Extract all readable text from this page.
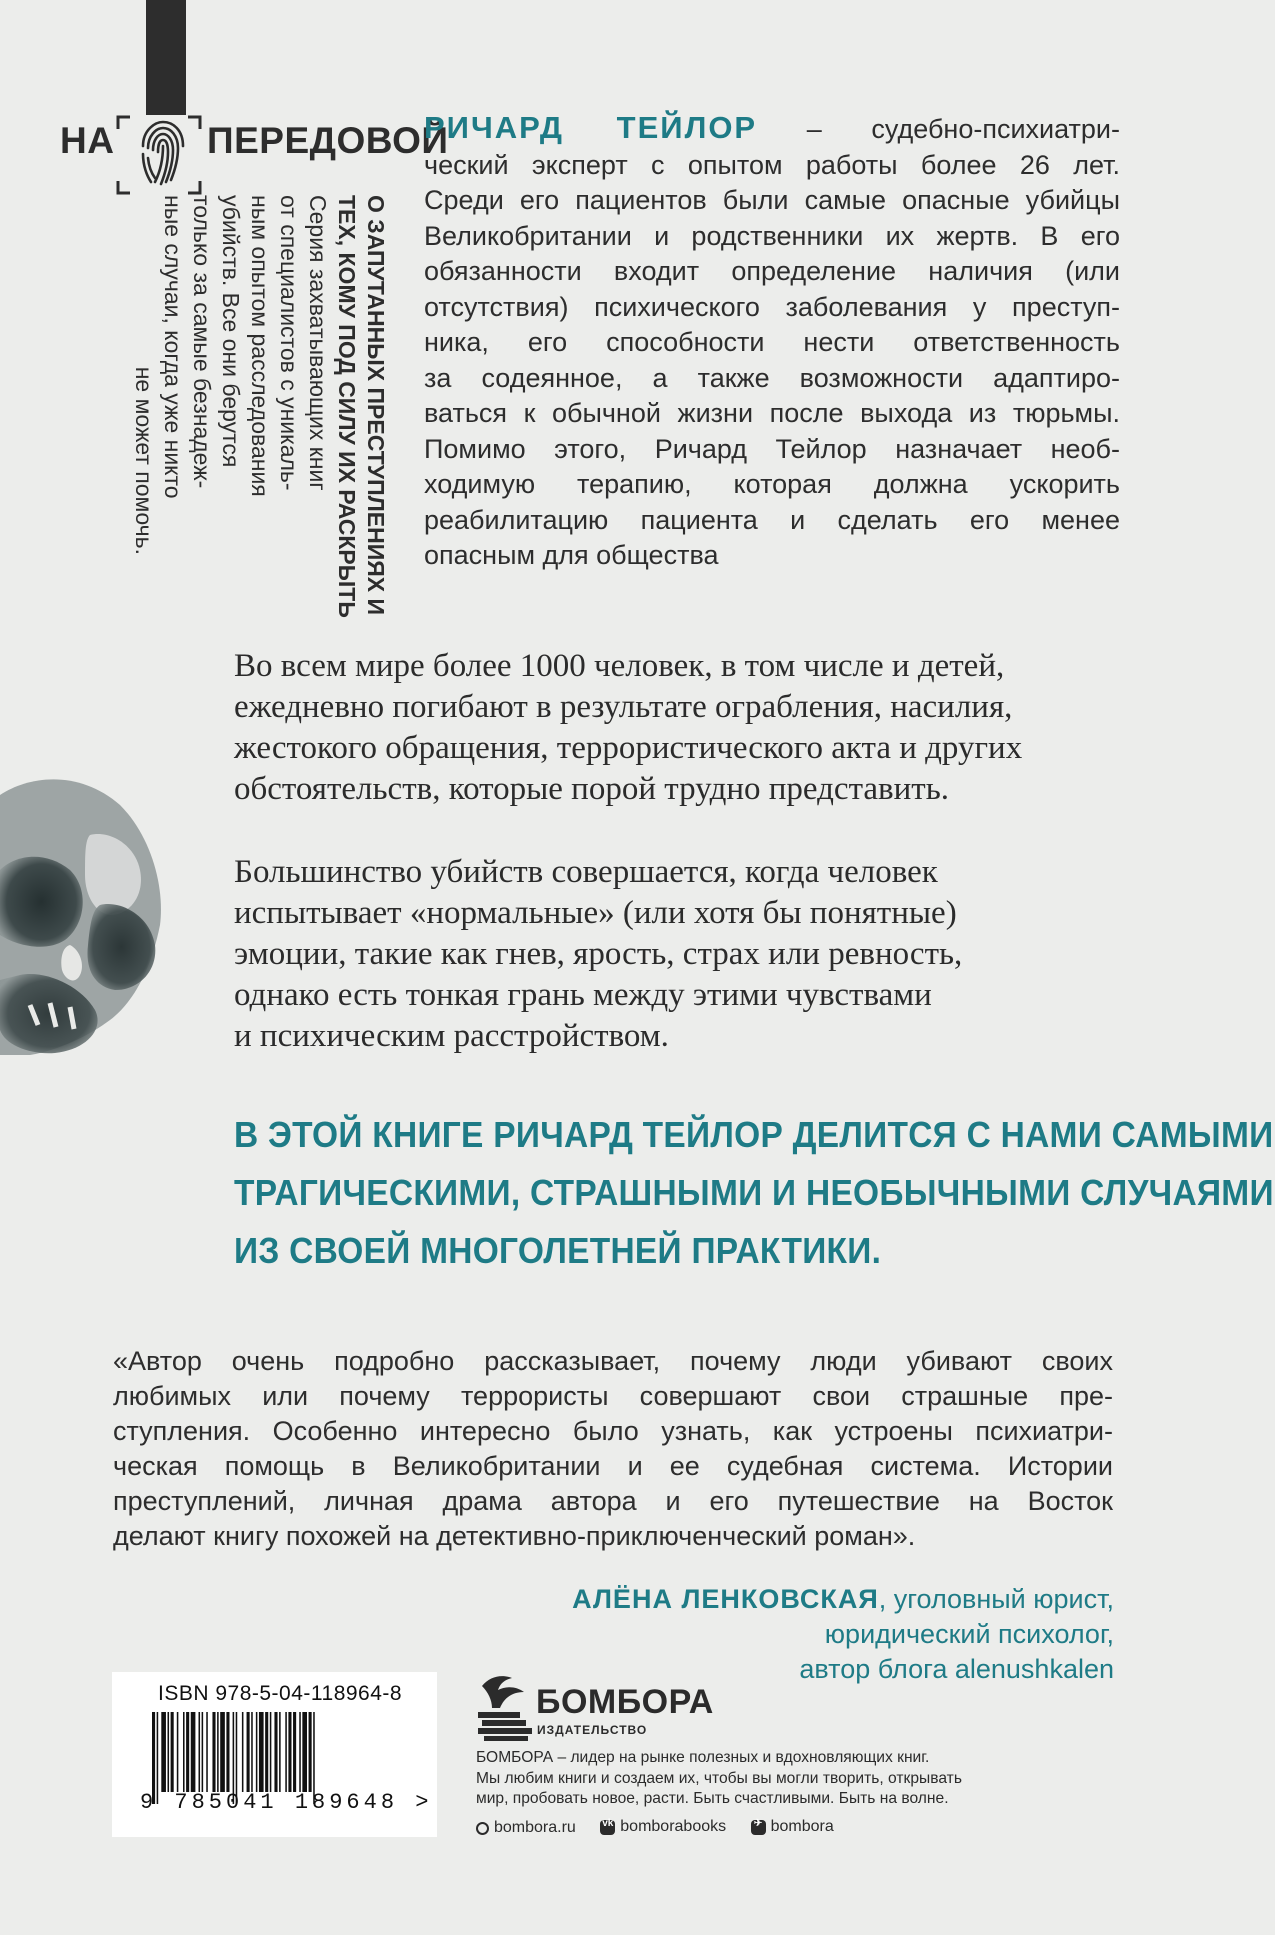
НА	ПЕРЕДОВОЙ
О ЗАПУТАННЫХ ПРЕСТУПЛЕНИЯХ И
ТЕХ, КОМУ ПОД СИЛУ ИХ РАСКРЫТЬ
Серия захватывающих книг
от специалистов с уникаль-
ным опытом расследования
убийств. Все они берутся
только за самые безнадеж-
ные случаи, когда уже никто
не может помочь.
РИЧАРД ТЕЙЛОР – судебно-психиатри-
ческий эксперт с опытом работы более 26 лет.
Среди его пациентов были самые опасные убийцы
Великобритании и родственники их жертв. В его
обязанности входит определение наличия (или
отсутствия) психического заболевания у преступ-
ника, его способности нести ответственность
за содеянное, а также возможности адаптиро-
ваться к обычной жизни после выхода из тюрьмы.
Помимо этого, Ричард Тейлор назначает необ-
ходимую терапию, которая должна ускорить
реабилитацию пациента и сделать его менее
опасным для общества
Во всем мире более 1000 человек, в том числе и детей,
ежедневно погибают в результате ограбления, насилия,
жестокого обращения, террористического акта и других
обстоятельств, которые порой трудно представить.
Большинство убийств совершается, когда человек
испытывает «нормальные» (или хотя бы понятные)
эмоции, такие как гнев, ярость, страх или ревность,
однако есть тонкая грань между этими чувствами
и психическим расстройством.
В ЭТОЙ КНИГЕ РИЧАРД ТЕЙЛОР ДЕЛИТСЯ С НАМИ САМЫМИ
ТРАГИЧЕСКИМИ, СТРАШНЫМИ И НЕОБЫЧНЫМИ СЛУЧАЯМИ
ИЗ СВОЕЙ МНОГОЛЕТНЕЙ ПРАКТИКИ.
«Автор очень подробно рассказывает, почему люди убивают своих
любимых или почему террористы совершают свои страшные пре-
ступления. Особенно интересно было узнать, как устроены психиатри-
ческая помощь в Великобритании и ее судебная система. Истории
преступлений, личная драма автора и его путешествие на Восток
делают книгу похожей на детективно-приключенческий роман».
АЛЁНА ЛЕНКОВСКАЯ, уголовный юрист,
юридический психолог,
автор блога alenushkalen
ISBN 978-5-04-118964-8
9 785041 189648 >
БОМБОРА
ИЗДАТЕЛЬСТВО
БОМБОРА – лидер на рынке полезных и вдохновляющих книг.
Мы любим книги и создаем их, чтобы вы могли творить, открывать
мир, пробовать новое, расти. Быть счастливыми. Быть на волне.
bombora.ru
	vk bomborabooks
	✈ bombora
